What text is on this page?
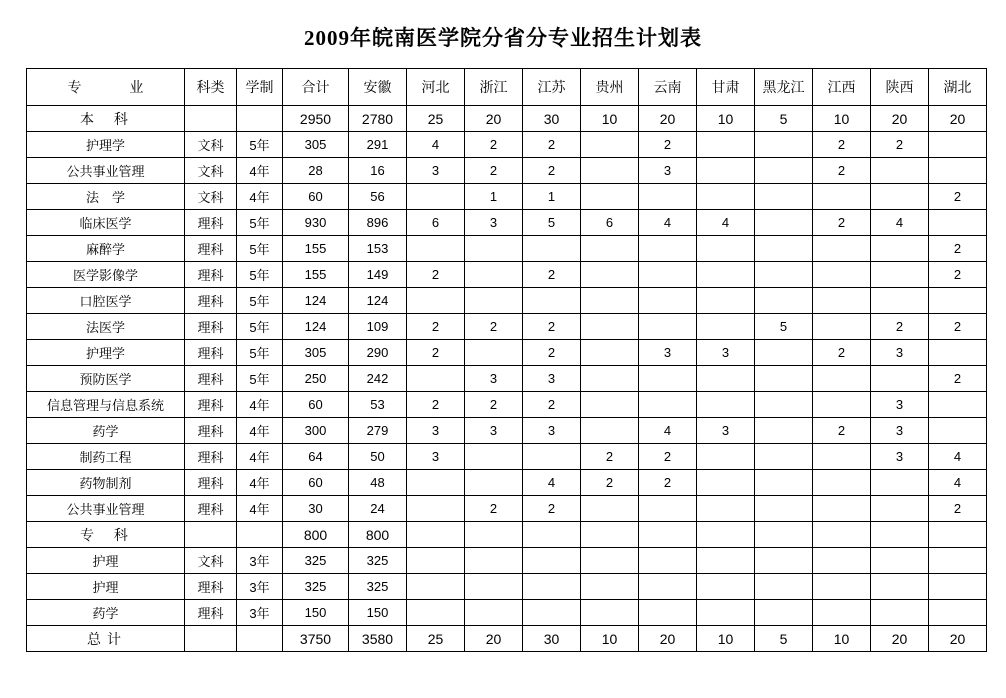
2009年皖南医学院分省分专业招生计划表
专 业	科类	学制	合计	安徽	河北	浙江	江苏	贵州	云南	甘肃	黑龙江	江西	陕西	湖北
本 科			2950	2780	25	20	30	10	20	10	5	10	20	20
护理学	文科	5年	305	291	4	2	2		2			2	2	
公共事业管理	文科	4年	28	16	3	2	2		3			2		
法　学	文科	4年	60	56		1	1							2
临床医学	理科	5年	930	896	6	3	5	6	4	4		2	4	
麻醉学	理科	5年	155	153										2
医学影像学	理科	5年	155	149	2		2							2
口腔医学	理科	5年	124	124										
法医学	理科	5年	124	109	2	2	2				5		2	2
护理学	理科	5年	305	290	2		2		3	3		2	3	
预防医学	理科	5年	250	242		3	3							2
信息管理与信息系统	理科	4年	60	53	2	2	2						3	
药学	理科	4年	300	279	3	3	3		4	3		2	3	
制药工程	理科	4年	64	50	3			2	2				3	4
药物制剂	理科	4年	60	48			4	2	2					4
公共事业管理	理科	4年	30	24		2	2							2
专 科			800	800										
护理	文科	3年	325	325										
护理	理科	3年	325	325										
药学	理科	3年	150	150										
总计			3750	3580	25	20	30	10	20	10	5	10	20	20
